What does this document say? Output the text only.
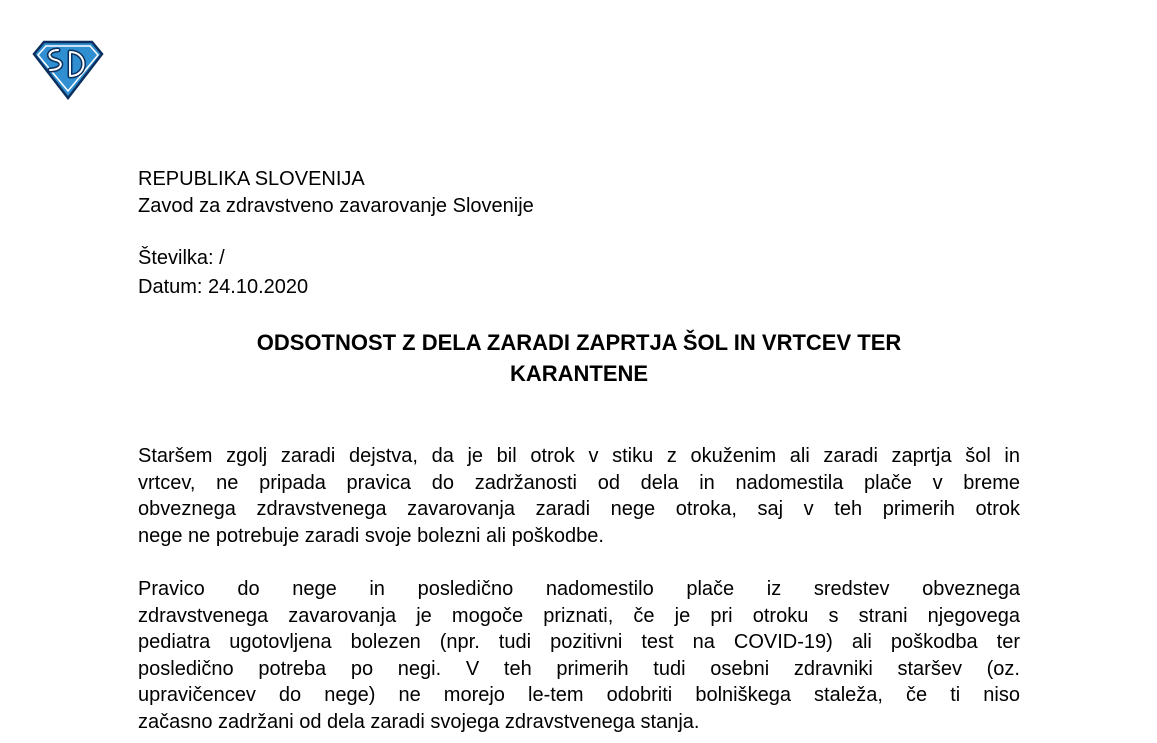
REPUBLIKA SLOVENIJA
Zavod za zdravstveno zavarovanje Slovenije
Številka: /
Datum: 24.10.2020
ODSOTNOST Z DELA ZARADI ZAPRTJA ŠOL IN VRTCEV TER
KARANTENE
Staršem zgolj zaradi dejstva, da je bil otrok v stiku z okuženim ali zaradi zaprtja šol in
vrtcev, ne pripada pravica do zadržanosti od dela in nadomestila plače v breme
obveznega zdravstvenega zavarovanja zaradi nege otroka, saj v teh primerih otrok
nege ne potrebuje zaradi svoje bolezni ali poškodbe.
Pravico do nege in posledično nadomestilo plače iz sredstev obveznega
zdravstvenega zavarovanja je mogoče priznati, če je pri otroku s strani njegovega
pediatra ugotovljena bolezen (npr. tudi pozitivni test na COVID-19) ali poškodba ter
posledično potreba po negi. V teh primerih tudi osebni zdravniki staršev (oz.
upravičencev do nege) ne morejo le-tem odobriti bolniškega staleža, če ti niso
začasno zadržani od dela zaradi svojega zdravstvenega stanja.
